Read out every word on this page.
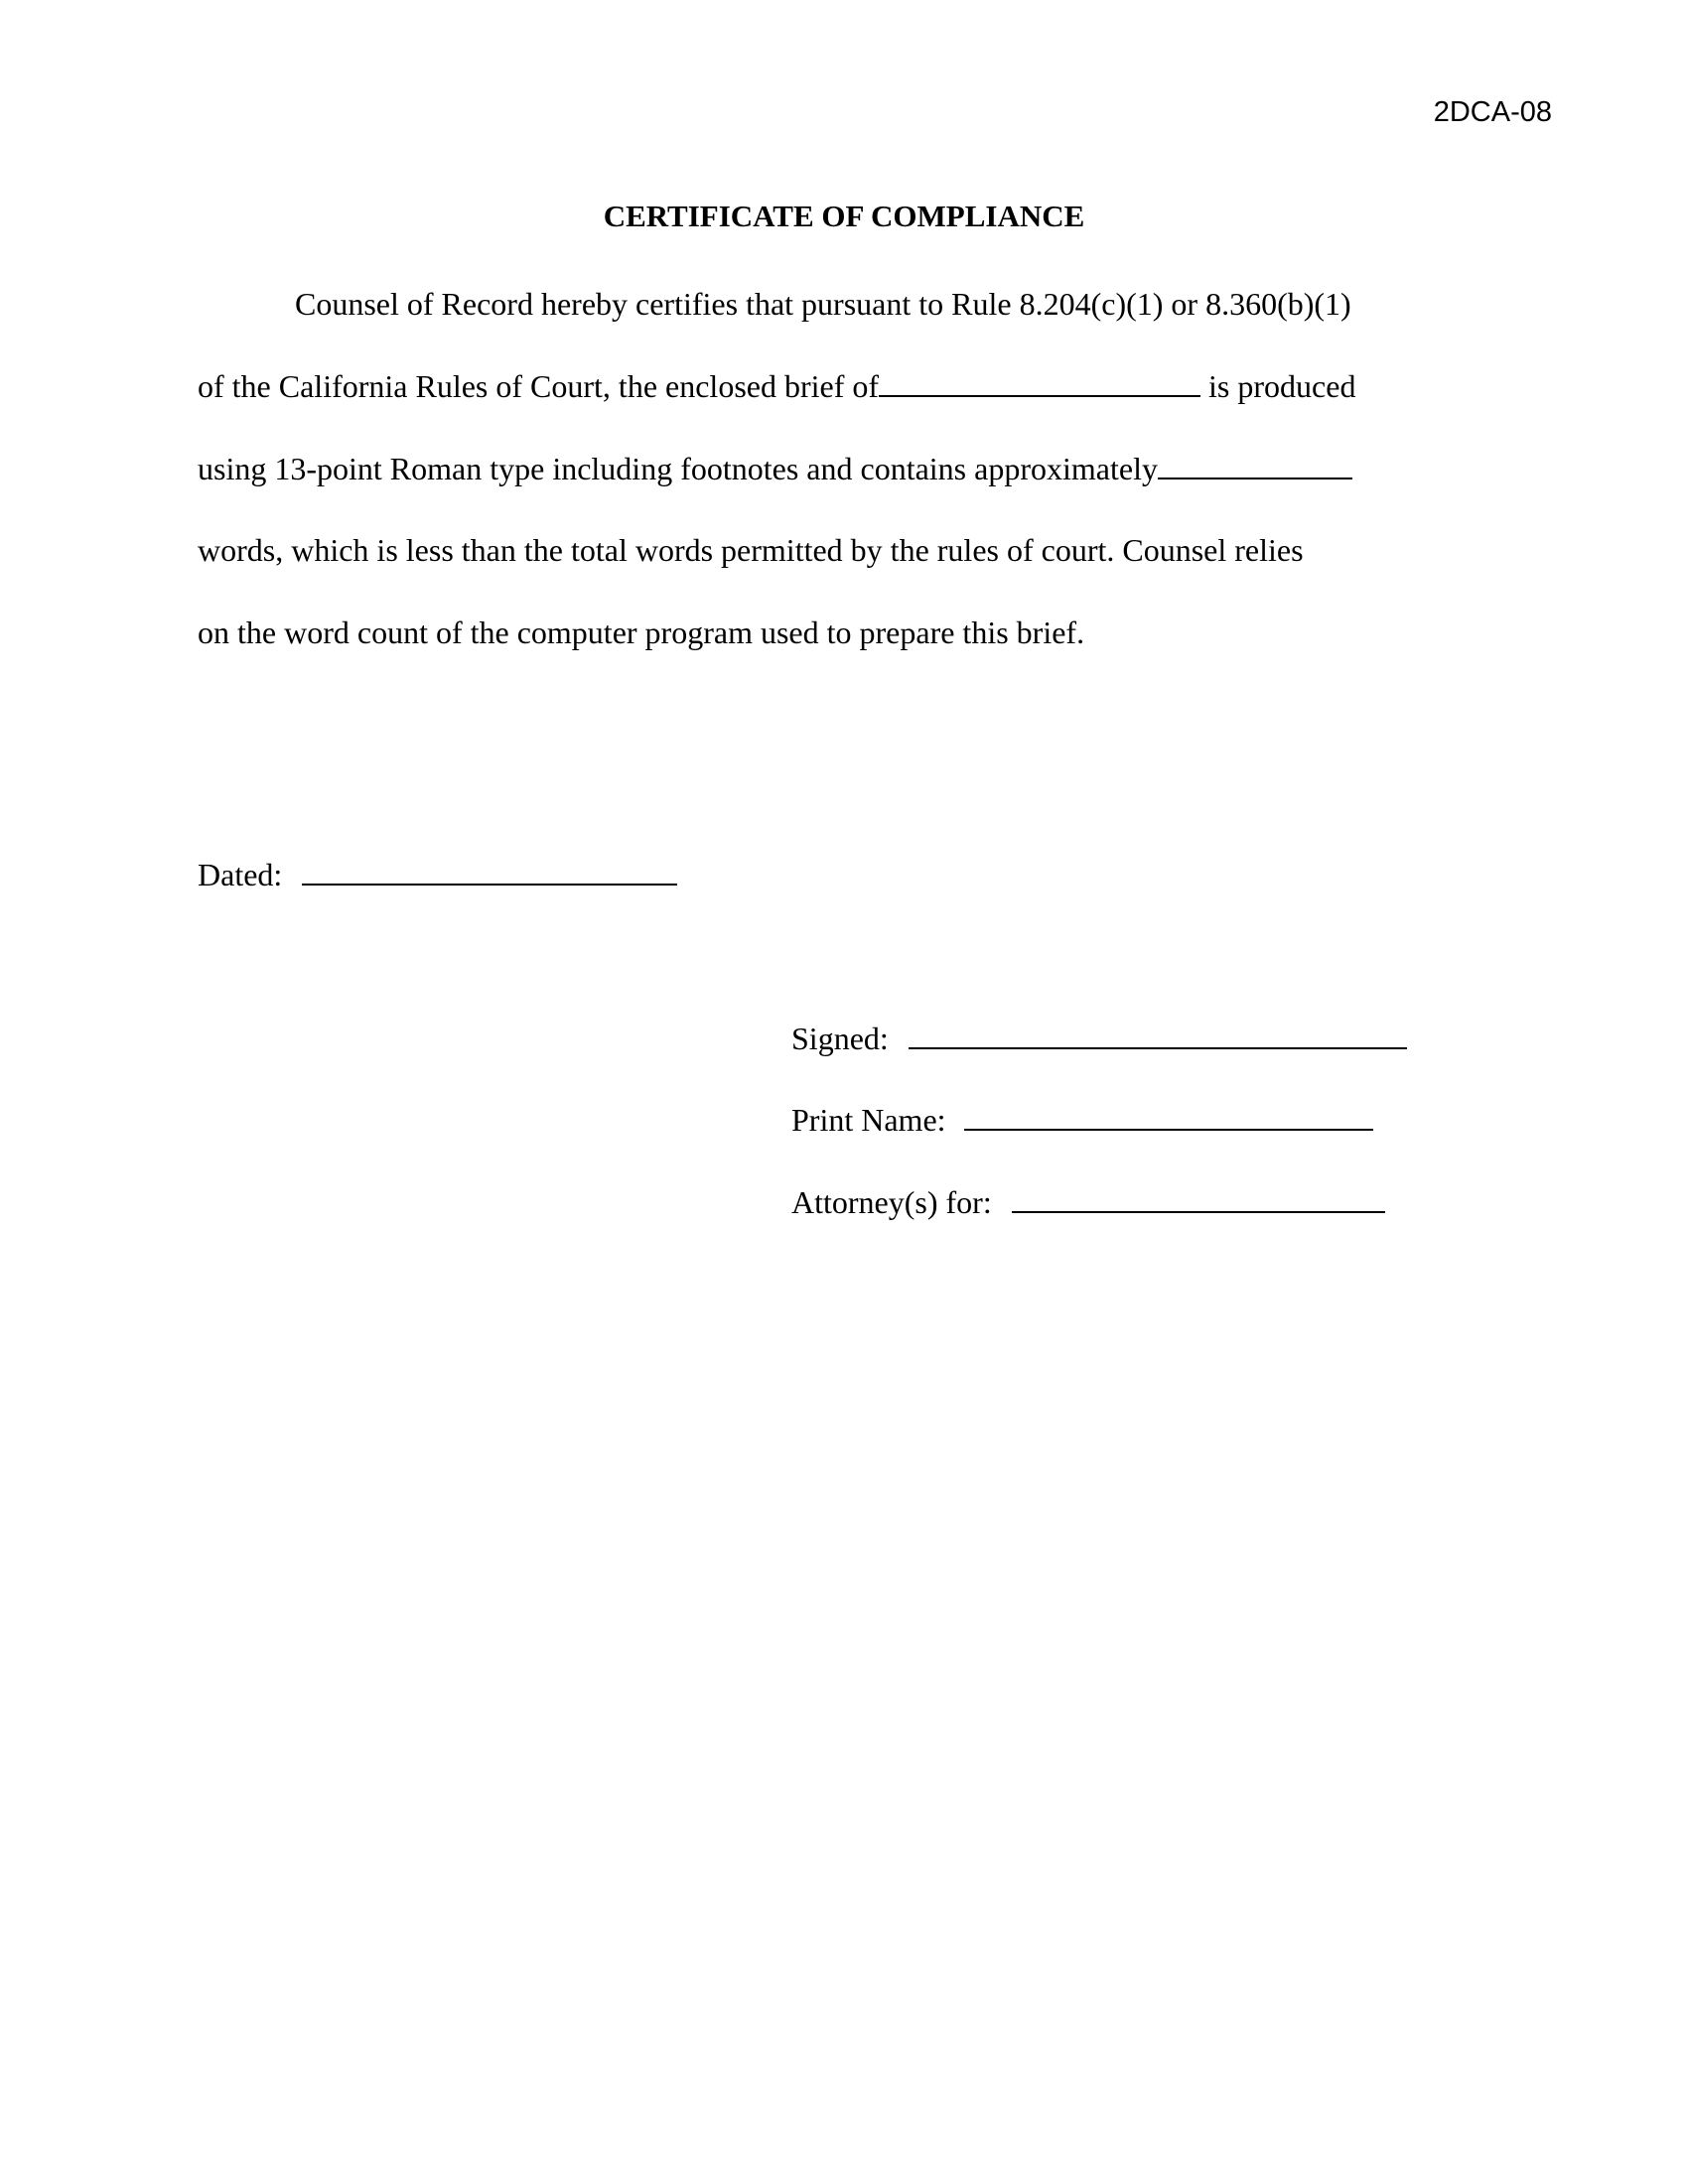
2DCA-08
CERTIFICATE OF COMPLIANCE
Counsel of Record hereby certifies that pursuant to Rule 8.204(c)(1) or 8.360(b)(1)
of the California Rules of Court, the enclosed brief of	is produced
using 13-point Roman type including footnotes and contains approximately
words, which is less than the total words permitted by the rules of court. Counsel relies
on the word count of the computer program used to prepare this brief.
Dated:
Signed:
Print Name:
Attorney(s) for:
